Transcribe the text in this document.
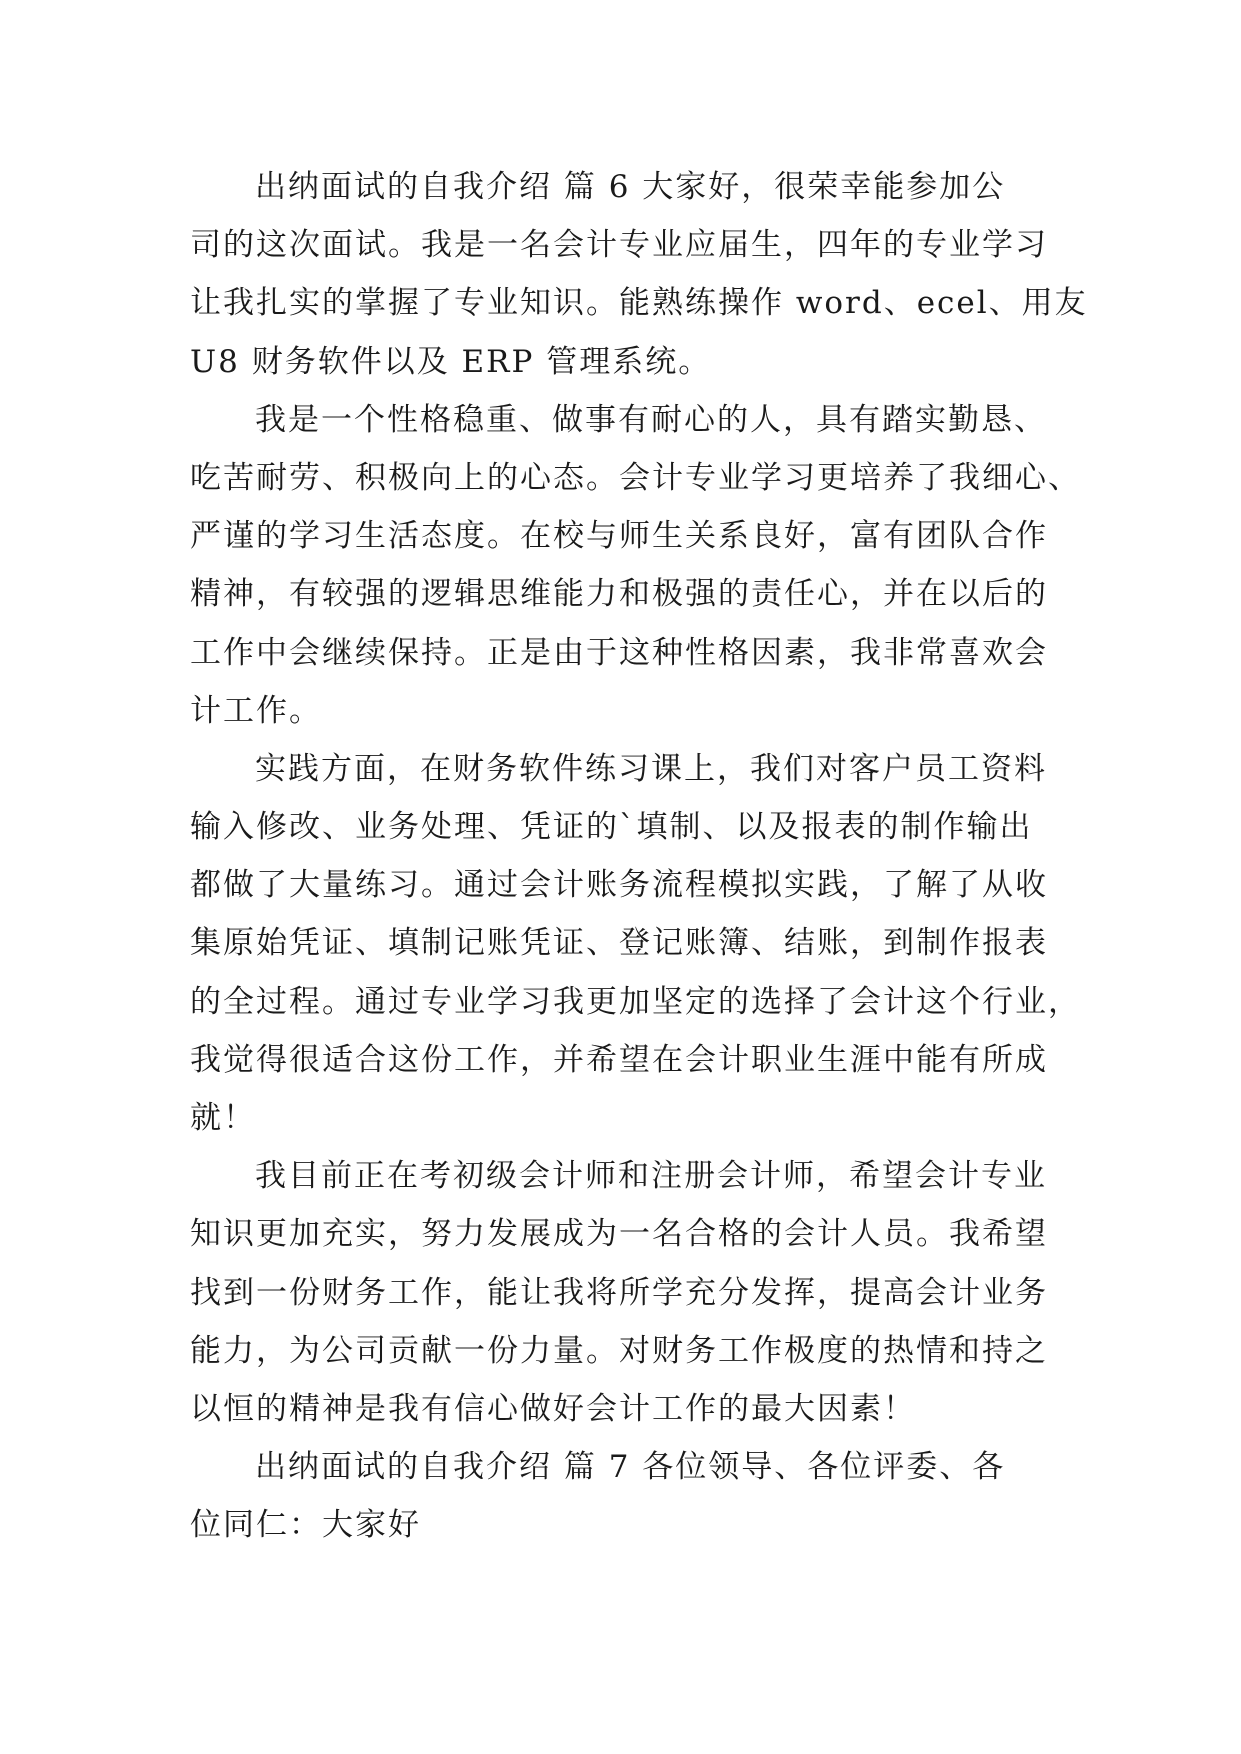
出纳面试的自我介绍 篇 6 大家好，很荣幸能参加公
司的这次面试。我是一名会计专业应届生，四年的专业学习
让我扎实的掌握了专业知识。能熟练操作 word、ecel、用友
U8 财务软件以及 ERP 管理系统。
我是一个性格稳重、做事有耐心的人，具有踏实勤恳、
吃苦耐劳、积极向上的心态。会计专业学习更培养了我细心、
严谨的学习生活态度。在校与师生关系良好，富有团队合作
精神，有较强的逻辑思维能力和极强的责任心，并在以后的
工作中会继续保持。正是由于这种性格因素，我非常喜欢会
计工作。
实践方面，在财务软件练习课上，我们对客户员工资料
输入修改、业务处理、凭证的`填制、以及报表的制作输出
都做了大量练习。通过会计账务流程模拟实践，了解了从收
集原始凭证、填制记账凭证、登记账簿、结账，到制作报表
的全过程。通过专业学习我更加坚定的选择了会计这个行业，
我觉得很适合这份工作，并希望在会计职业生涯中能有所成
就！
我目前正在考初级会计师和注册会计师，希望会计专业
知识更加充实，努力发展成为一名合格的会计人员。我希望
找到一份财务工作，能让我将所学充分发挥，提高会计业务
能力，为公司贡献一份力量。对财务工作极度的热情和持之
以恒的精神是我有信心做好会计工作的最大因素！
出纳面试的自我介绍 篇 7 各位领导、各位评委、各
位同仁：大家好
